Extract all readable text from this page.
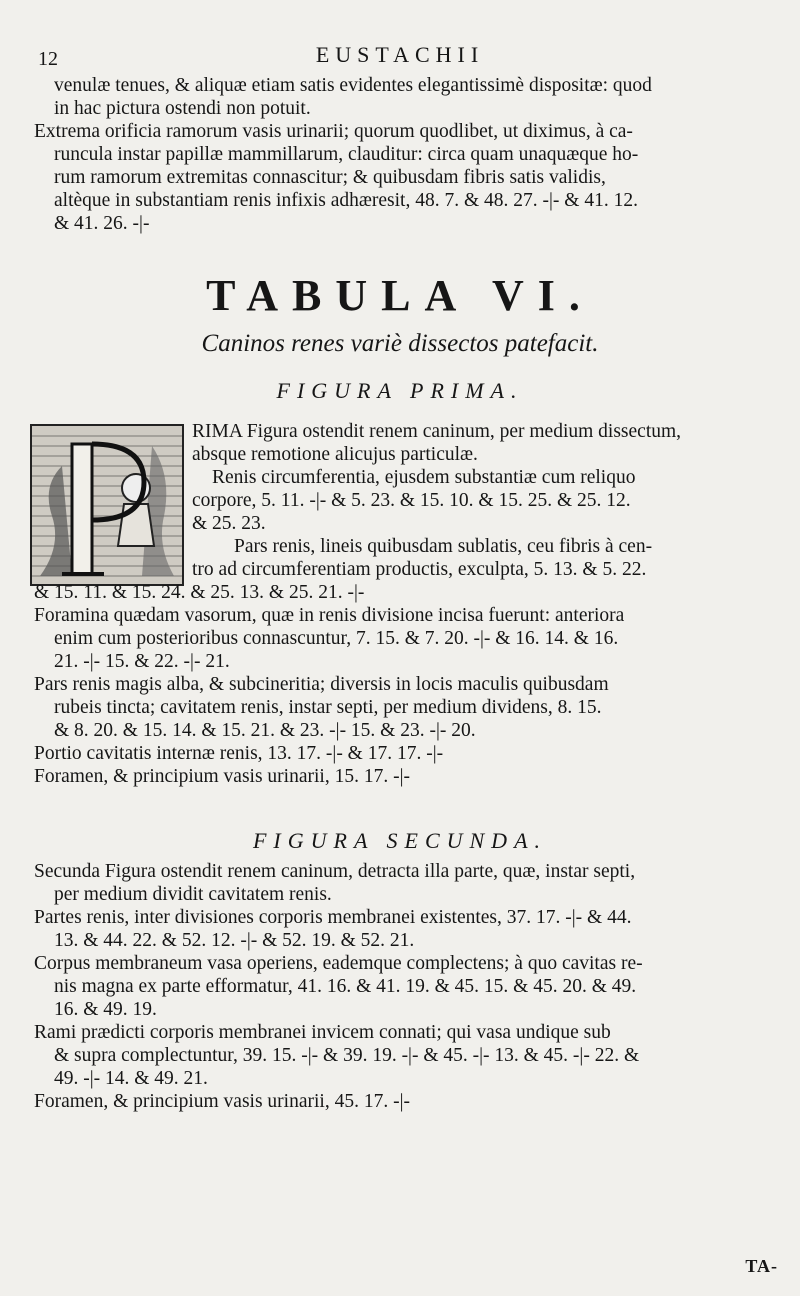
12	EUSTACHII
venulæ tenues, & aliquæ etiam satis evidentes elegantissimè dispositæ: quod
in hac pictura ostendi non potuit.
Extrema orificia ramorum vasis urinarii; quorum quodlibet, ut diximus, à ca-
runcula instar papillæ mammillarum, clauditur: circa quam unaquæque ho-
rum ramorum extremitas connascitur; & quibusdam fibris satis validis,
altèque in substantiam renis infixis adhæresit, 48. 7. & 48. 27. -|- & 41. 12.
& 41. 26. -|-
TABULA VI.
Caninos renes variè dissectos patefacit.
FIGURA PRIMA.
RIMA Figura ostendit renem caninum, per medium dissectum,
absque remotione alicujus particulæ.
Renis circumferentia, ejusdem substantiæ cum reliquo
corpore, 5. 11. -|- & 5. 23. & 15. 10. & 15. 25. & 25. 12.
& 25. 23.
Pars renis, lineis quibusdam sublatis, ceu fibris à cen-
tro ad circumferentiam productis, exculpta, 5. 13. & 5. 22.
& 15. 11. & 15. 24. & 25. 13. & 25. 21. -|-
Foramina quædam vasorum, quæ in renis divisione incisa fuerunt: anteriora
enim cum posterioribus connascuntur, 7. 15. & 7. 20. -|- & 16. 14. & 16.
21. -|- 15. & 22. -|- 21.
Pars renis magis alba, & subcineritia; diversis in locis maculis quibusdam
rubeis tincta; cavitatem renis, instar septi, per medium dividens, 8. 15.
& 8. 20. & 15. 14. & 15. 21. & 23. -|- 15. & 23. -|- 20.
Portio cavitatis internæ renis, 13. 17. -|- & 17. 17. -|-
Foramen, & principium vasis urinarii, 15. 17. -|-
FIGURA SECUNDA.
Secunda Figura ostendit renem caninum, detracta illa parte, quæ, instar septi,
per medium dividit cavitatem renis.
Partes renis, inter divisiones corporis membranei existentes, 37. 17. -|- & 44.
13. & 44. 22. & 52. 12. -|- & 52. 19. & 52. 21.
Corpus membraneum vasa operiens, eademque complectens; à quo cavitas re-
nis magna ex parte efformatur, 41. 16. & 41. 19. & 45. 15. & 45. 20. & 49.
16. & 49. 19.
Rami prædicti corporis membranei invicem connati; qui vasa undique sub
& supra complectuntur, 39. 15. -|- & 39. 19. -|- & 45. -|- 13. & 45. -|- 22. &
49. -|- 14. & 49. 21.
Foramen, & principium vasis urinarii, 45. 17. -|-
TA-
